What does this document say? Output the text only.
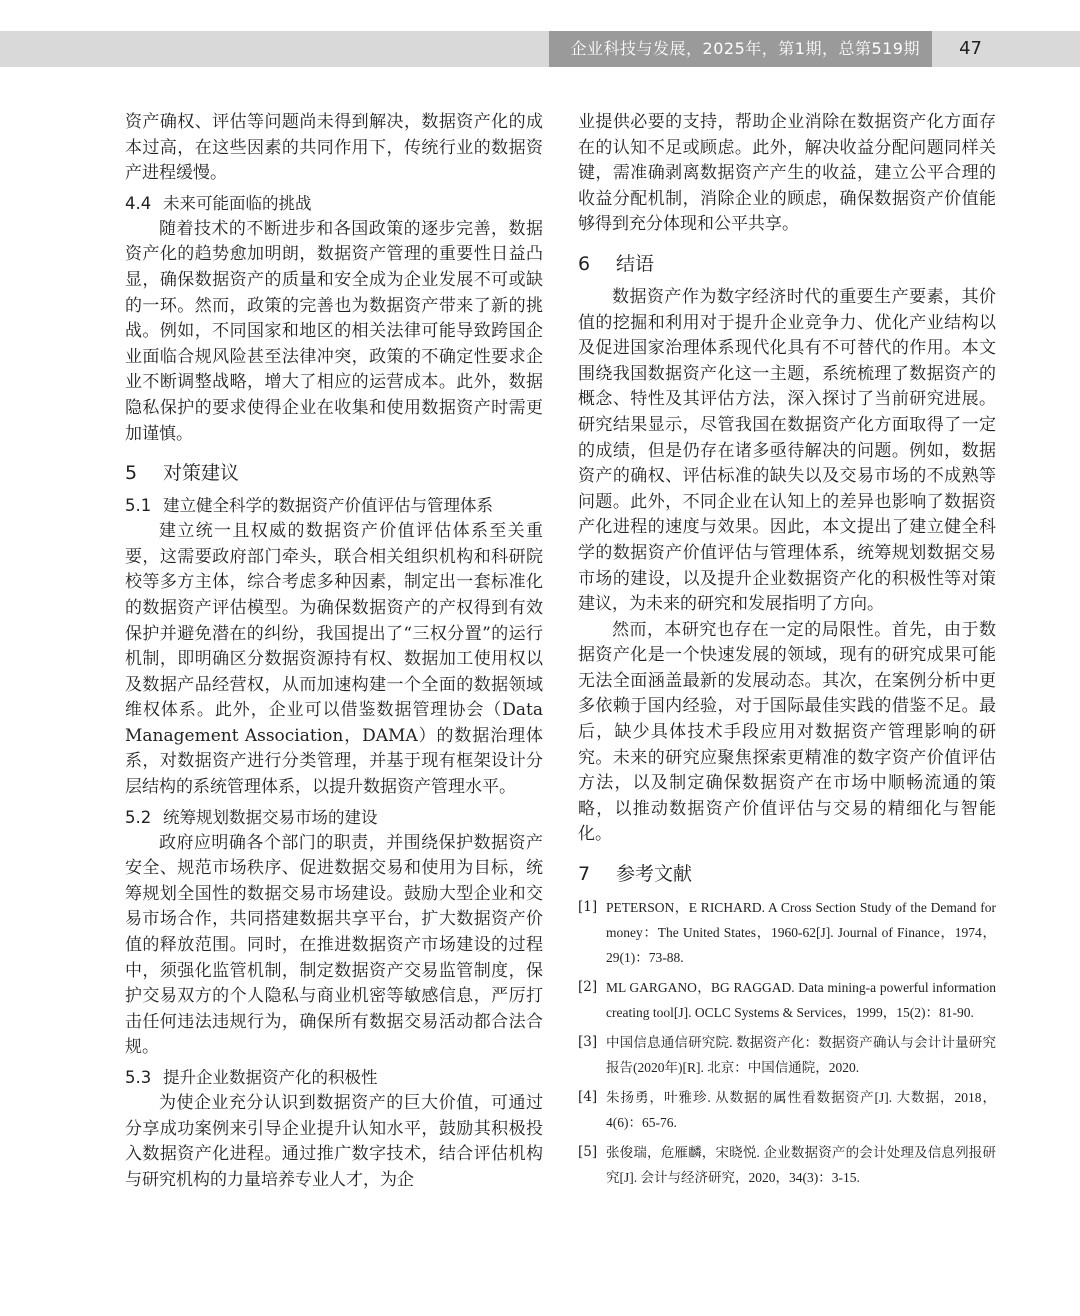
企业科技与发展，2025年，第1期，总第519期	47

资产确权、评估等问题尚未得到解决，数据资产化的成本过高，在这些因素的共同作用下，传统行业的数据资产进程缓慢。

4.4 未来可能面临的挑战

随着技术的不断进步和各国政策的逐步完善，数据资产化的趋势愈加明朗，数据资产管理的重要性日益凸显，确保数据资产的质量和安全成为企业发展不可或缺的一环。然而，政策的完善也为数据资产带来了新的挑战。例如，不同国家和地区的相关法律可能导致跨国企业面临合规风险甚至法律冲突，政策的不确定性要求企业不断调整战略，增大了相应的运营成本。此外，数据隐私保护的要求使得企业在收集和使用数据资产时需更加谨慎。

5 对策建议
5.1 建立健全科学的数据资产价值评估与管理体系

建立统一且权威的数据资产价值评估体系至关重要，这需要政府部门牵头，联合相关组织机构和科研院校等多方主体，综合考虑多种因素，制定出一套标准化的数据资产评估模型。为确保数据资产的产权得到有效保护并避免潜在的纠纷，我国提出了“三权分置”的运行机制，即明确区分数据资源持有权、数据加工使用权以及数据产品经营权，从而加速构建一个全面的数据领域维权体系。此外，企业可以借鉴数据管理协会（Data Management Association，DAMA）的数据治理体系，对数据资产进行分类管理，并基于现有框架设计分层结构的系统管理体系，以提升数据资产管理水平。

5.2 统筹规划数据交易市场的建设

政府应明确各个部门的职责，并围绕保护数据资产安全、规范市场秩序、促进数据交易和使用为目标，统筹规划全国性的数据交易市场建设。鼓励大型企业和交易市场合作，共同搭建数据共享平台，扩大数据资产价值的释放范围。同时，在推进数据资产市场建设的过程中，须强化监管机制，制定数据资产交易监管制度，保护交易双方的个人隐私与商业机密等敏感信息，严厉打击任何违法违规行为，确保所有数据交易活动都合法合规。

5.3 提升企业数据资产化的积极性

为使企业充分认识到数据资产的巨大价值，可通过分享成功案例来引导企业提升认知水平，鼓励其积极投入数据资产化进程。通过推广数字技术，结合评估机构与研究机构的力量培养专业人才，为企

业提供必要的支持，帮助企业消除在数据资产化方面存在的认知不足或顾虑。此外，解决收益分配问题同样关键，需准确剥离数据资产产生的收益，建立公平合理的收益分配机制，消除企业的顾虑，确保数据资产价值能够得到充分体现和公平共享。

6 结语

数据资产作为数字经济时代的重要生产要素，其价值的挖掘和利用对于提升企业竞争力、优化产业结构以及促进国家治理体系现代化具有不可替代的作用。本文围绕我国数据资产化这一主题，系统梳理了数据资产的概念、特性及其评估方法，深入探讨了当前研究进展。研究结果显示，尽管我国在数据资产化方面取得了一定的成绩，但是仍存在诸多亟待解决的问题。例如，数据资产的确权、评估标准的缺失以及交易市场的不成熟等问题。此外，不同企业在认知上的差异也影响了数据资产化进程的速度与效果。因此，本文提出了建立健全科学的数据资产价值评估与管理体系，统筹规划数据交易市场的建设，以及提升企业数据资产化的积极性等对策建议，为未来的研究和发展指明了方向。

然而，本研究也存在一定的局限性。首先，由于数据资产化是一个快速发展的领域，现有的研究成果可能无法全面涵盖最新的发展动态。其次，在案例分析中更多依赖于国内经验，对于国际最佳实践的借鉴不足。最后，缺少具体技术手段应用对数据资产管理影响的研究。未来的研究应聚焦探索更精准的数字资产价值评估方法，以及制定确保数据资产在市场中顺畅流通的策略，以推动数据资产价值评估与交易的精细化与智能化。

7 参考文献
[1] PETERSON，E RICHARD. A Cross Section Study of the Demand for money：The United States，1960-62[J]. Journal of Finance，1974，29(1)：73-88.
[2] ML GARGANO，BG RAGGAD. Data mining-a powerful information creating tool[J]. OCLC Systems & Services，1999，15(2)：81-90.
[3] 中国信息通信研究院. 数据资产化：数据资产确认与会计计量研究报告(2020年)[R]. 北京：中国信通院，2020.
[4] 朱扬勇，叶雅珍. 从数据的属性看数据资产[J]. 大数据，2018，4(6)：65-76.
[5] 张俊瑞，危雁麟，宋晓悦. 企业数据资产的会计处理及信息列报研究[J]. 会计与经济研究，2020，34(3)：3-15.
